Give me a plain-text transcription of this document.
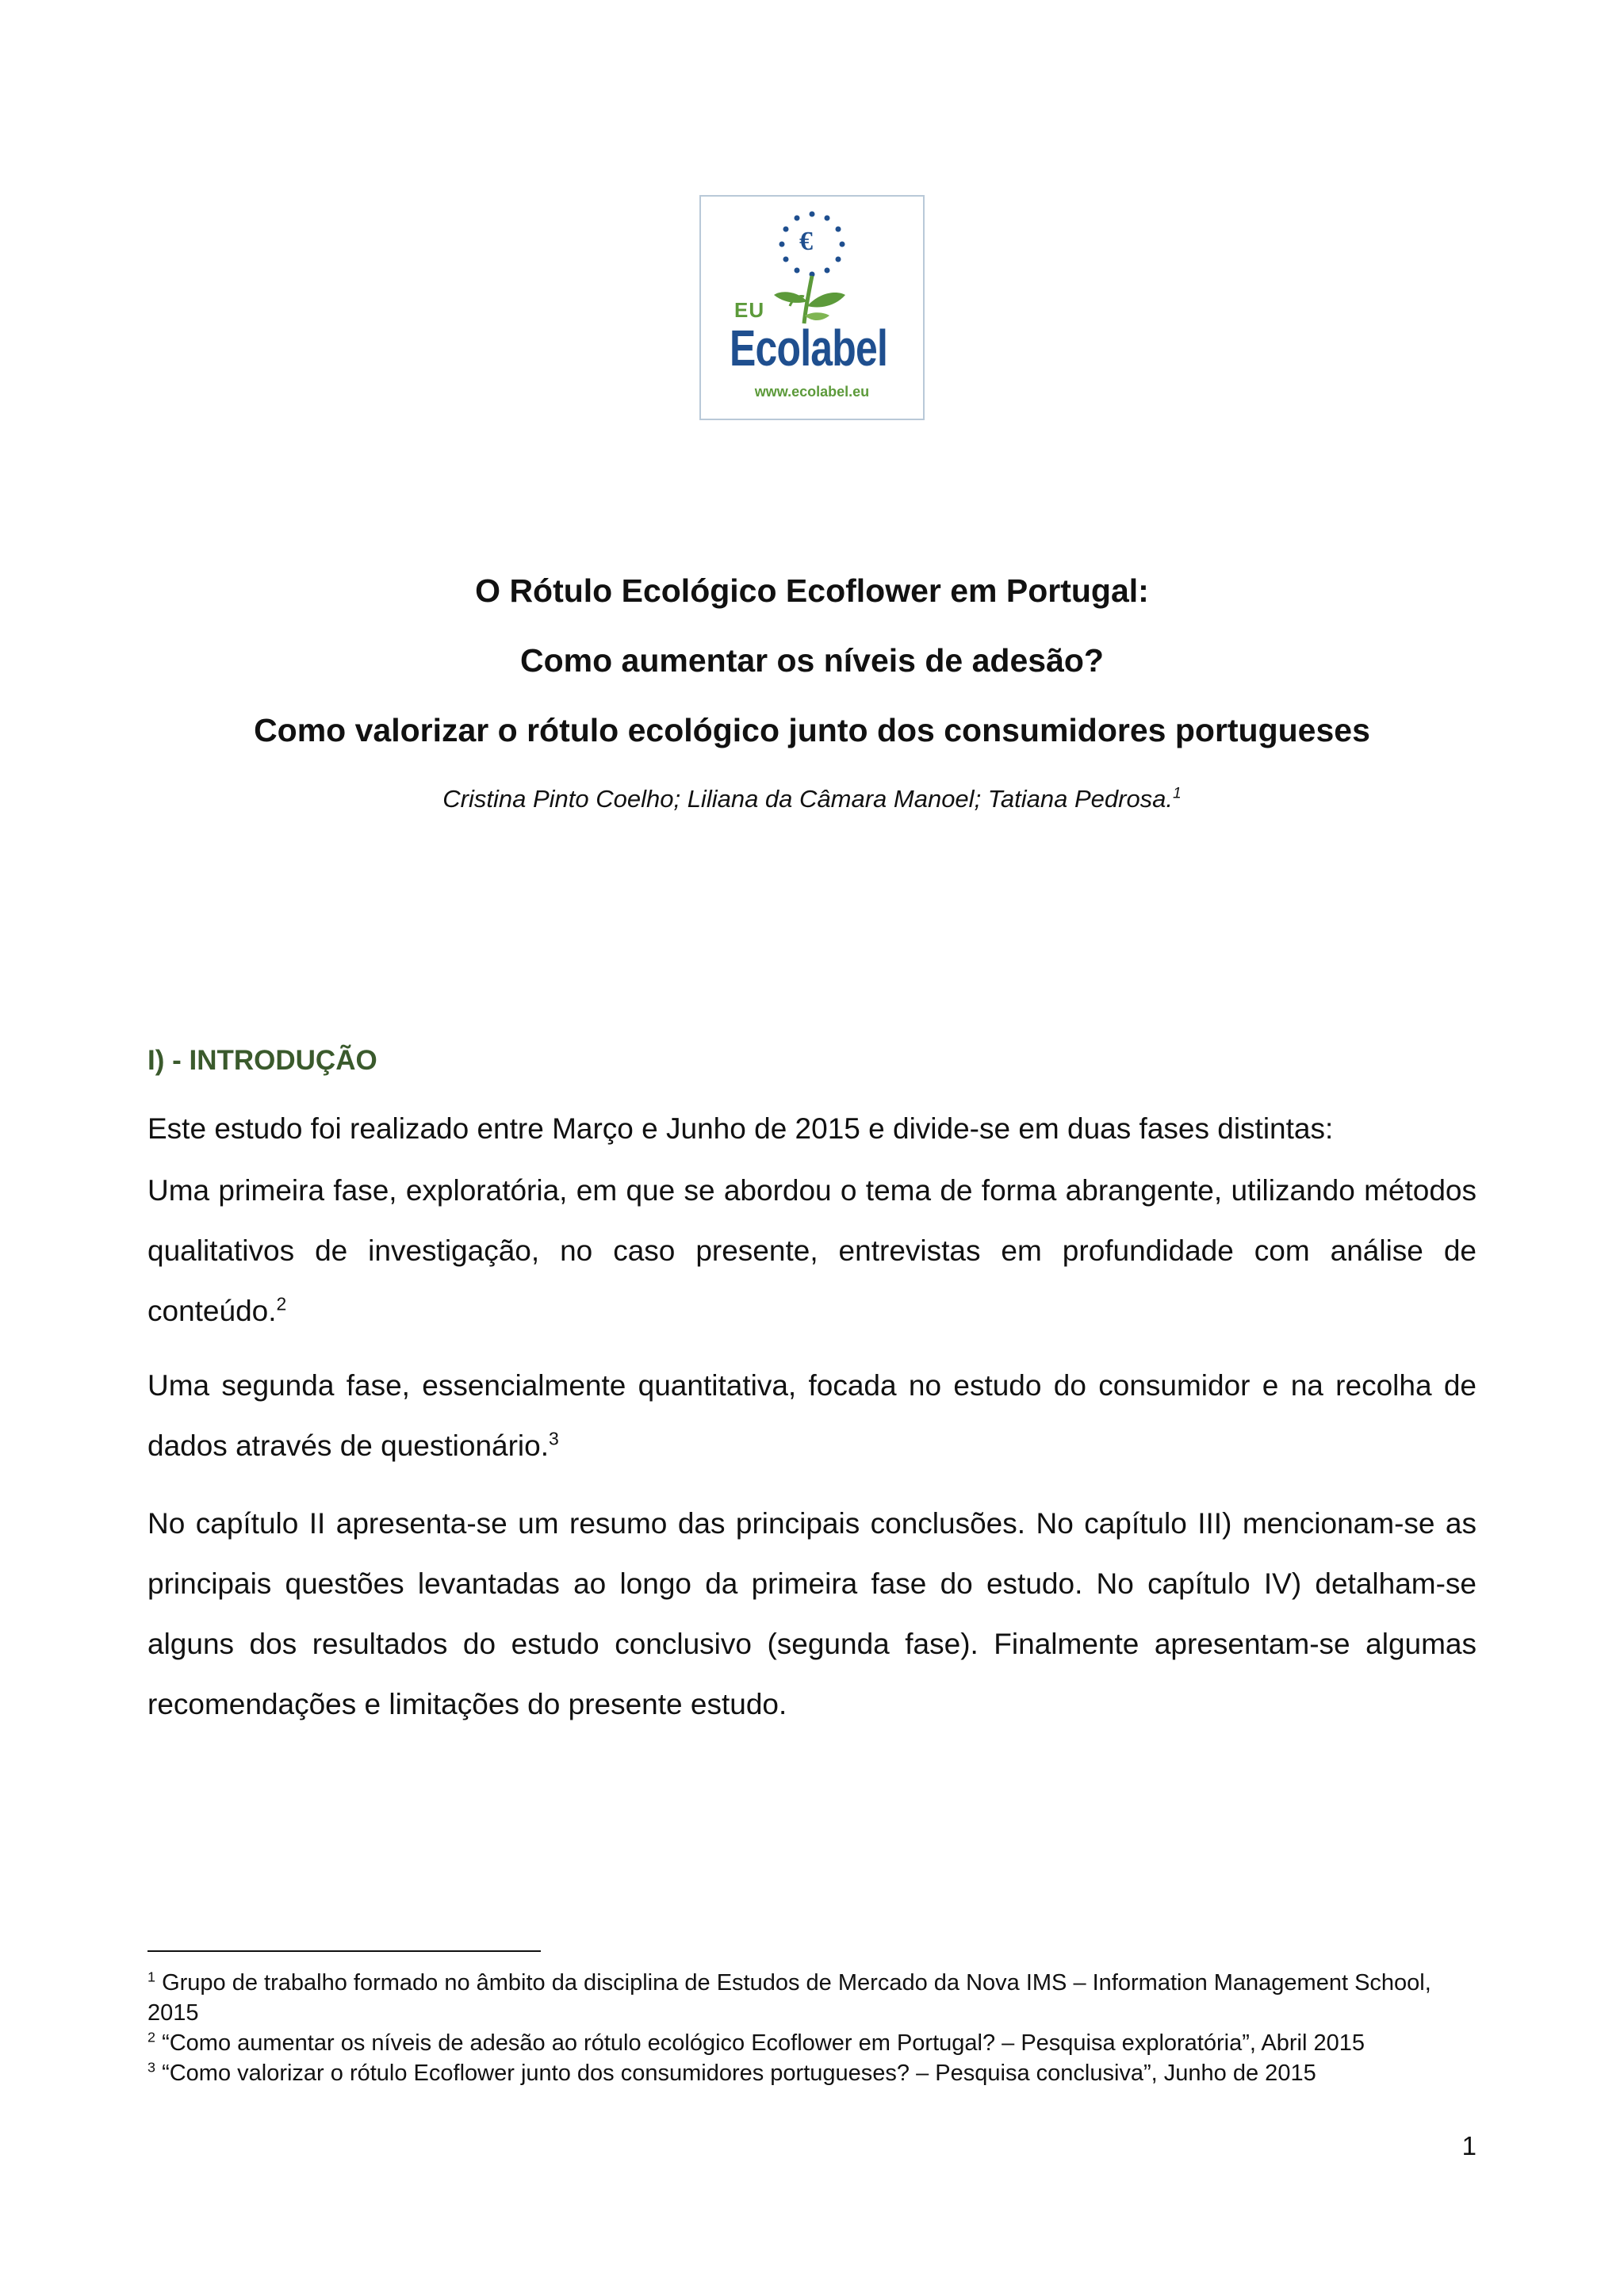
€
EU
Ecolabel
www.ecolabel.eu
O Rótulo Ecológico Ecoflower em Portugal:
Como aumentar os níveis de adesão?
Como valorizar o rótulo ecológico junto dos consumidores portugueses
Cristina Pinto Coelho; Liliana da Câmara Manoel; Tatiana Pedrosa.$^1$
I) - INTRODUÇÃO

Este estudo foi realizado entre Março e Junho de 2015 e divide-se em duas fases distintas:

Uma primeira fase, exploratória, em que se abordou o tema de forma abrangente, utilizando métodos qualitativos de investigação, no caso presente, entrevistas em profundidade com análise de conteúdo.$^2$

Uma segunda fase, essencialmente quantitativa, focada no estudo do consumidor e na recolha de dados através de questionário.$^3$

No capítulo II apresenta-se um resumo das principais conclusões. No capítulo III) mencionam-se as principais questões levantadas ao longo da primeira fase do estudo. No capítulo IV) detalham-se alguns dos resultados do estudo conclusivo (segunda fase). Finalmente apresentam-se algumas recomendações e limitações do presente estudo.

$^1$ Grupo de trabalho formado no âmbito da disciplina de Estudos de Mercado da Nova IMS – Information Management School, 2015

$^2$ “Como aumentar os níveis de adesão ao rótulo ecológico Ecoflower em Portugal? – Pesquisa exploratória”, Abril 2015

$^3$ “Como valorizar o rótulo Ecoflower junto dos consumidores portugueses? – Pesquisa conclusiva”, Junho de 2015

1
